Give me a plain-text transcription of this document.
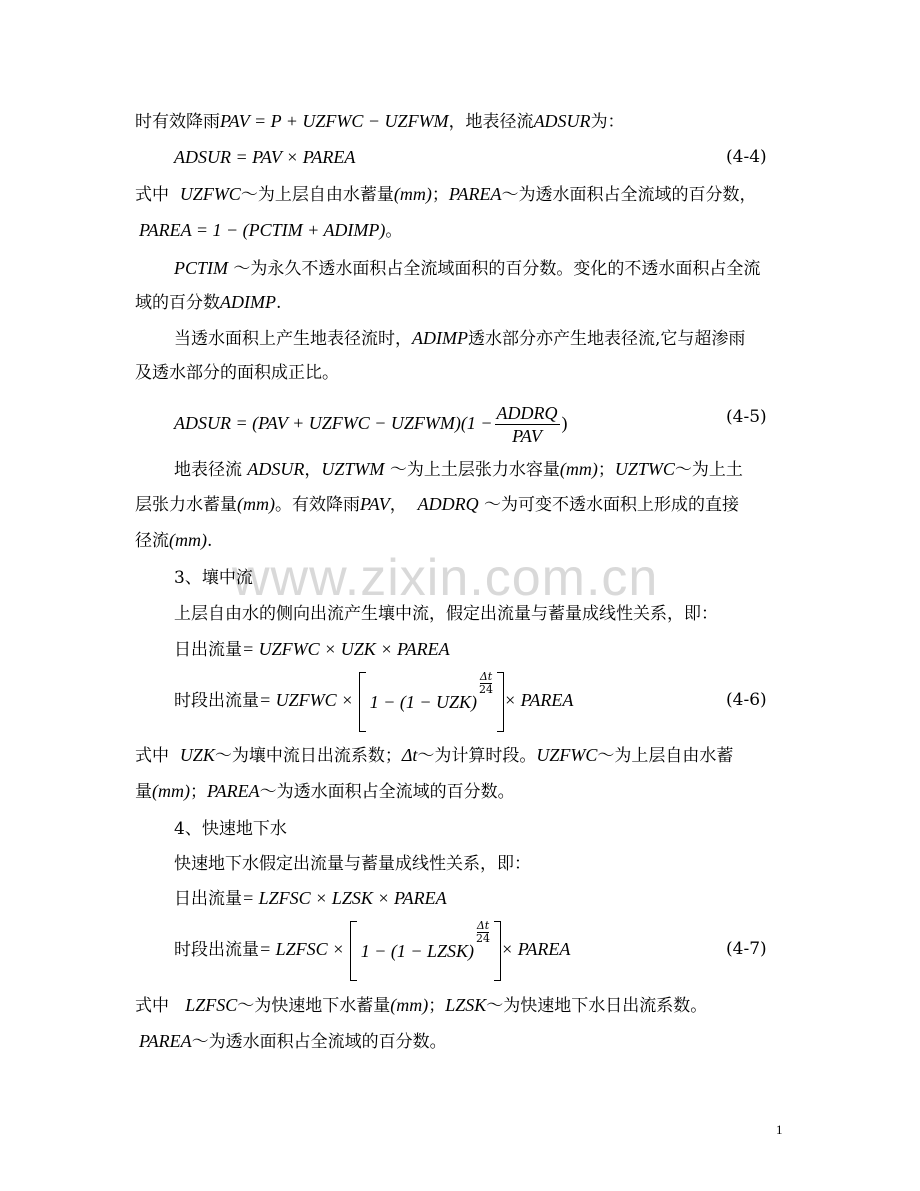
时有效降雨PAV = P + UZFWC − UZFWM，地表径流ADSUR为：
ADSUR = PAV × PAREA	(4-4)
式中 UZFWC～为上层自由水蓄量(mm)；PAREA～为透水面积占全流域的百分数，
PAREA = 1 − (PCTIM + ADIMP)。
PCTIM ～为永久不透水面积占全流域面积的百分数。变化的不透水面积占全流
域的百分数ADIMP.
当透水面积上产生地表径流时，ADIMP透水部分亦产生地表径流,它与超渗雨
及透水部分的面积成正比。
ADSUR = (PAV + UZFWC − UZFWM)(1 − $\frac{\text{ADDRQ}}{\text{PAV}}$ )	(4-5)
地表径流 ADSUR，UZTWM ～为上土层张力水容量(mm)；UZTWC～为上土
层张力水蓄量(mm)。有效降雨PAV， ADDRQ ～为可变不透水面积上形成的直接
径流(mm).
www.zixin.com.cn
3、壤中流
上层自由水的侧向出流产生壤中流，假定出流量与蓄量成线性关系，即：
日出流量= UZFWC × UZK × PAREA
时段出流量= UZFWC × 1 − (1 − UZK)
$\frac{\Delta t}{24}$
× PAREA	(4-6)
式中 UZK～为壤中流日出流系数；Δt～为计算时段。UZFWC～为上层自由水蓄
量(mm)；PAREA～为透水面积占全流域的百分数。
4、快速地下水
快速地下水假定出流量与蓄量成线性关系，即：
日出流量= LZFSC × LZSK × PAREA
时段出流量= LZFSC × 1 − (1 − LZSK)
$\frac{\Delta t}{24}$
× PAREA	(4-7)
式中 LZFSC～为快速地下水蓄量(mm)；LZSK～为快速地下水日出流系数。
PAREA～为透水面积占全流域的百分数。
1
